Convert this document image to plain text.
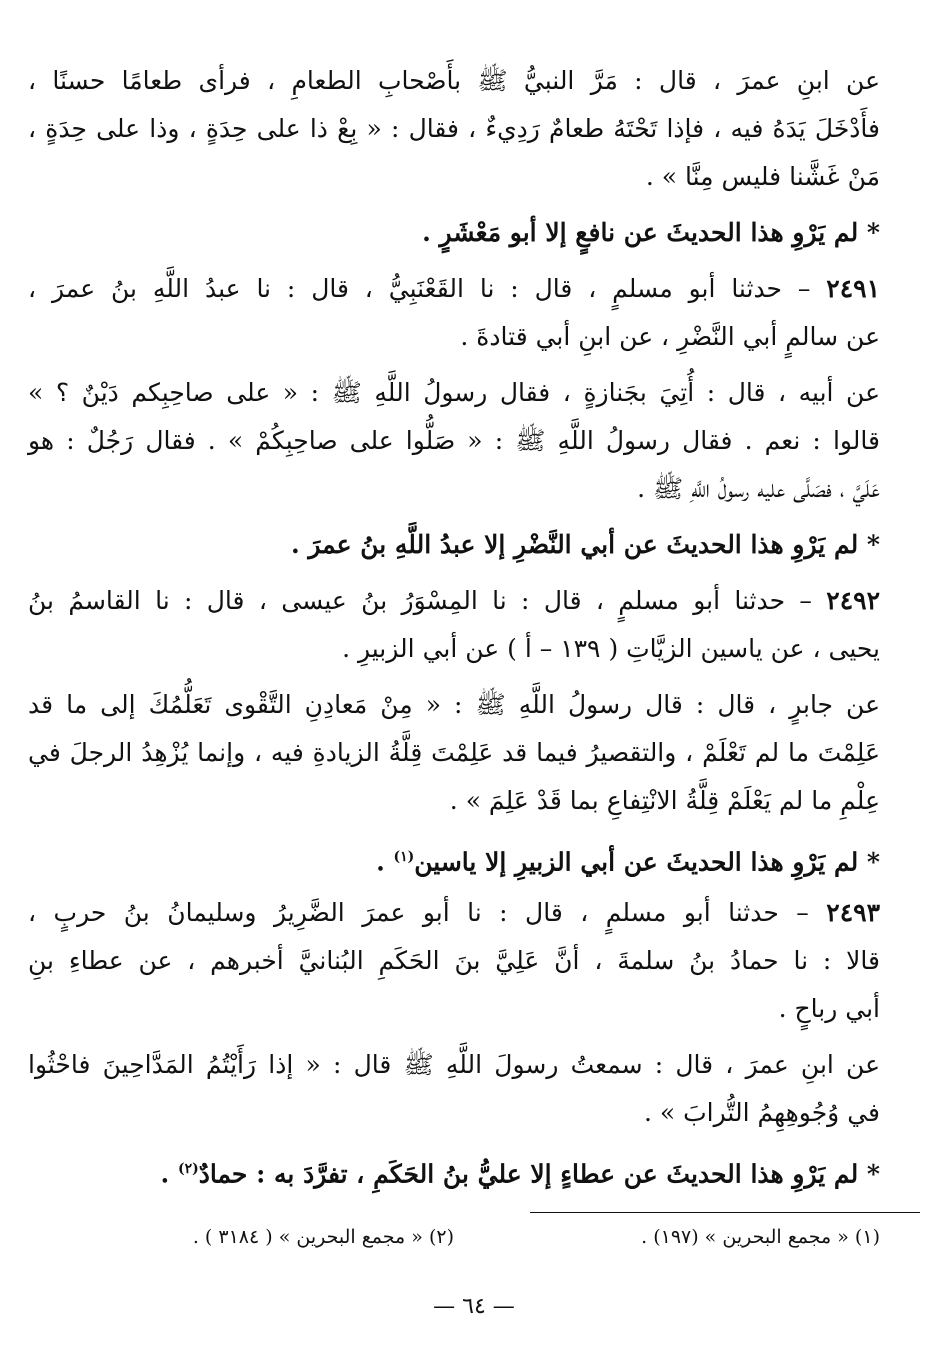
عن ابنِ عمرَ ، قال : مَرَّ النبيُّ ﷺ بأَصْحابِ الطعامِ ، فرأى طعامًا حسنًا ،
فأَدْخَلَ يَدَهُ فيه ، فإذا تَحْتَهُ طعامٌ رَدِيءٌ ، فقال : « بِعْ ذا على حِدَةٍ ، وذا على حِدَةٍ ،
مَنْ غَشَّنا فليس مِنَّا » .
* لم يَرْوِ هذا الحديثَ عن نافعٍ إلا أبو مَعْشَرٍ .
٢٤٩١ – حدثنا أبو مسلمٍ ، قال : نا القَعْنَبِيُّ ، قال : نا عبدُ اللَّهِ بنُ عمرَ ،
عن سالمٍ أبي النَّضْرِ ، عن ابنِ أبي قتادةَ .
عن أبيه ، قال : أُتِيَ بجَنازةٍ ، فقال رسولُ اللَّهِ ﷺ : « على صاحِبِكم دَيْنٌ ؟ »
قالوا : نعم . فقال رسولُ اللَّهِ ﷺ : « صَلُّوا على صاحِبِكُمْ » . فقال رَجُلٌ : هو
عَلَيَّ ، فصَلَّى عليه رسولُ اللَّهِ ﷺ .
* لم يَرْوِ هذا الحديثَ عن أبي النَّضْرِ إلا عبدُ اللَّهِ بنُ عمرَ .
٢٤٩٢ – حدثنا أبو مسلمٍ ، قال : نا المِسْوَرُ بنُ عيسى ، قال : نا القاسمُ بنُ
يحيى ، عن ياسين الزيَّاتِ ( ١٣٩ – أ ) عن أبي الزبيرِ .
عن جابرٍ ، قال : قال رسولُ اللَّهِ ﷺ : « مِنْ مَعادِنِ التَّقْوى تَعَلُّمُكَ إلى ما قد
عَلِمْتَ ما لم تَعْلَمْ ، والتقصيرُ فيما قد عَلِمْتَ قِلَّةُ الزيادةِ فيه ، وإنما يُزْهِدُ الرجلَ في
عِلْمِ ما لم يَعْلَمْ قِلَّةُ الانْتِفاعِ بما قَدْ عَلِمَ » .
* لم يَرْوِ هذا الحديثَ عن أبي الزبيرِ إلا ياسين$^{(١)}$ .
٢٤٩٣ – حدثنا أبو مسلمٍ ، قال : نا أبو عمرَ الضَّرِيرُ وسليمانُ بنُ حربٍ ،
قالا : نا حمادُ بنُ سلمةَ ، أنَّ عَلِيَّ بنَ الحَكَمِ البُنانيَّ أخبرهم ، عن عطاءِ بنِ
أبي رباحٍ .
عن ابنِ عمرَ ، قال : سمعتُ رسولَ اللَّهِ ﷺ قال : « إذا رَأَيْتُمُ المَدَّاحِينَ فاحْثُوا
في وُجُوهِهِمُ التُّرابَ » .
* لم يَرْوِ هذا الحديثَ عن عطاءٍ إلا عليُّ بنُ الحَكَمِ ، تفرَّدَ به : حمادٌ$^{(٢)}$ .
(١) « مجمع البحرين » (١٩٧) .
(٢) « مجمع البحرين » ( ٣١٨٤ ) .
— ٦٤ —
